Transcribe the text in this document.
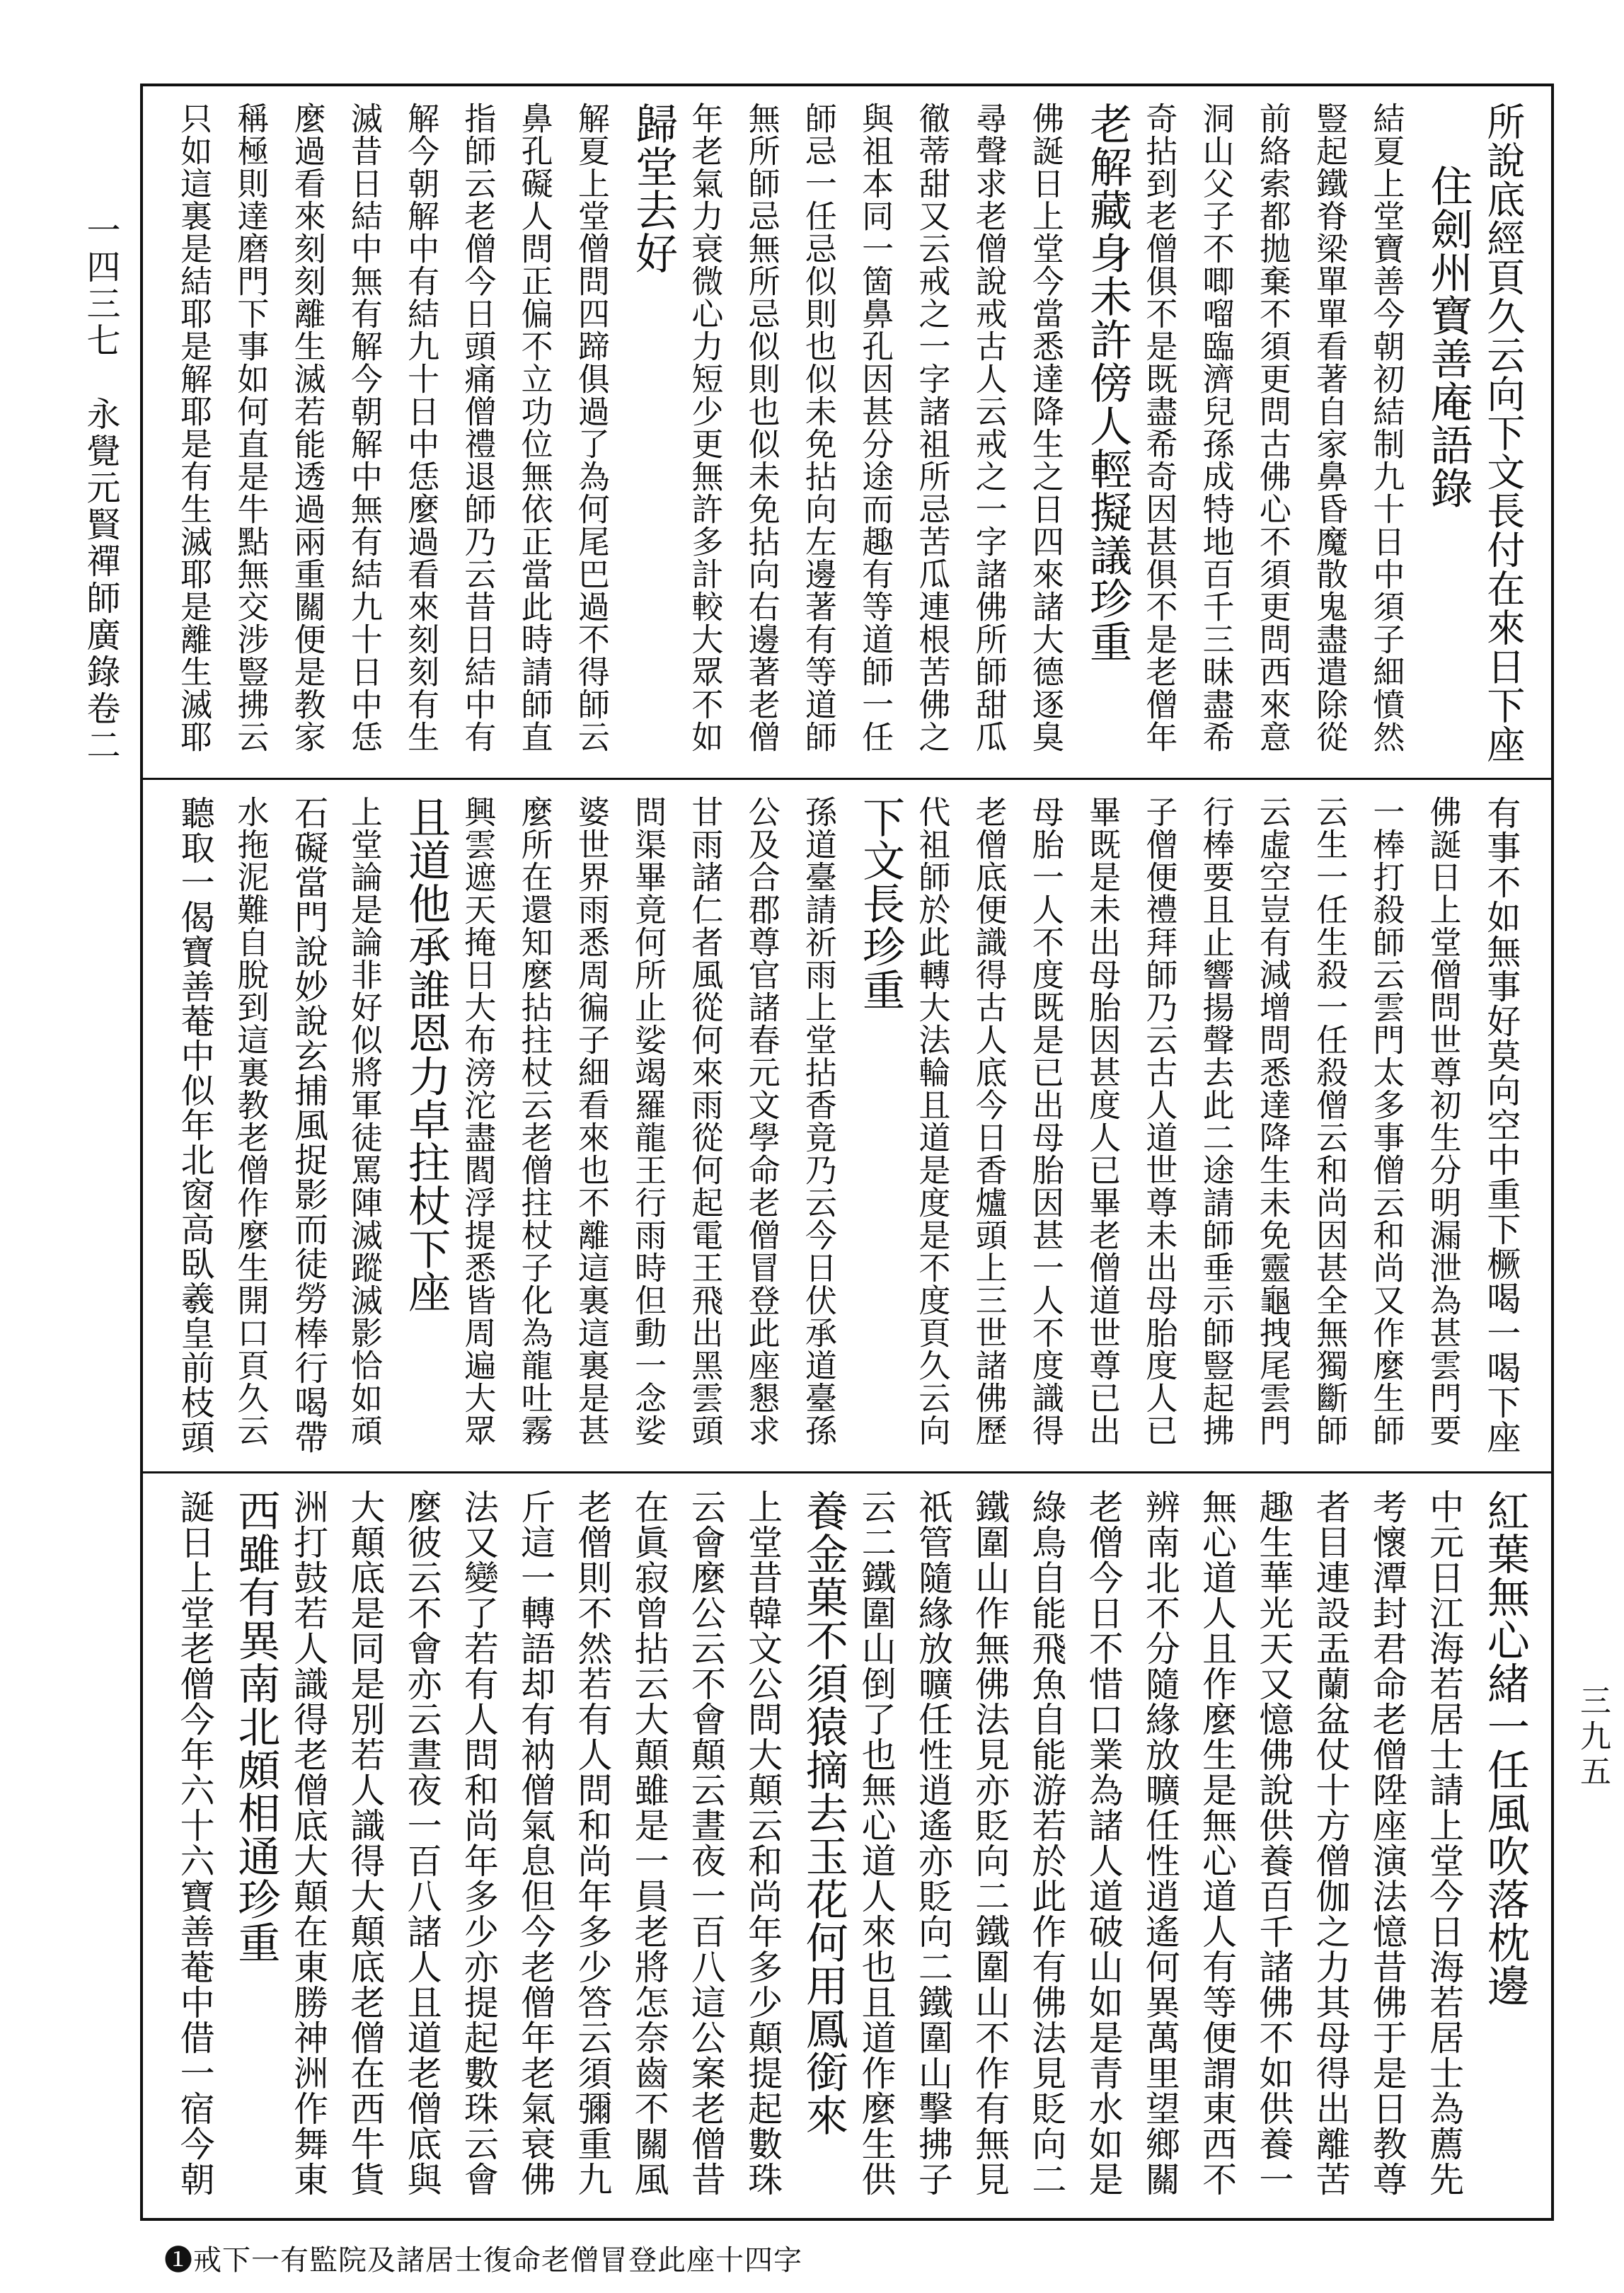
一四三七　永覺元賢禪師廣錄卷二
三九五
所說底經頁久云向下文長付在來日下座
住劍州寶善庵語錄
結夏上堂寶善今朝初結制九十日中須子細憤然
豎起鐵脊梁單單看著自家鼻昏魔散鬼盡遣除從
前絡索都拋棄不須更問古佛心不須更問西來意
洞山父子不唧𠺕臨濟兒孫成特地百千三昧盡希
奇拈到老僧俱不是既盡希奇因甚俱不是老僧年
老解藏身未許傍人輕擬議珍重
佛誕日上堂今當悉達降生之日四來諸大德逐臭
尋聲求老僧說戒古人云戒之一字諸佛所師甜瓜
徹蒂甜又云戒之一字諸祖所忌苦瓜連根苦佛之
與祖本同一箇鼻孔因甚分途而趣有等道師一任
師忌一任忌似則也似未免拈向左邊著有等道師
無所師忌無所忌似則也似未免拈向右邊著老僧
年老氣力衰微心力短少更無許多計較大眾不如
歸堂去好
解夏上堂僧問四蹄俱過了為何尾巴過不得師云
鼻孔礙人問正偏不立功位無依正當此時請師直
指師云老僧今日頭痛僧禮退師乃云昔日結中有
解今朝解中有結九十日中恁麼過看來刻刻有生
滅昔日結中無有解今朝解中無有結九十日中恁
麼過看來刻刻離生滅若能透過兩重關便是教家
稱極則達磨門下事如何直是牛點無交涉豎拂云
只如這裏是結耶是解耶是有生滅耶是離生滅耶
有事不如無事好莫向空中重下橛喝一喝下座
佛誕日上堂僧問世尊初生分明漏泄為甚雲門要
一棒打殺師云雲門太多事僧云和尚又作麼生師
云生一任生殺一任殺僧云和尚因甚全無獨斷師
云虛空豈有減增問悉達降生未免靈龜拽尾雲門
行棒要且止響揚聲去此二途請師垂示師豎起拂
子僧便禮拜師乃云古人道世尊未出母胎度人已
畢既是未出母胎因甚度人已畢老僧道世尊已出
母胎一人不度既是已出母胎因甚一人不度識得
老僧底便識得古人底今日香爐頭上三世諸佛歷
代祖師於此轉大法輪且道是度是不度頁久云向
下文長珍重
孫道臺請祈雨上堂拈香竟乃云今日伏承道臺孫
公及合郡尊官諸春元文學命老僧冒登此座懇求
甘雨諸仁者風從何來雨從何起電王飛出黑雲頭
問渠畢竟何所止娑竭羅龍王行雨時但動一念娑
婆世界雨悉周徧子細看來也不離這裏這裏是甚
麼所在還知麼拈拄杖云老僧拄杖子化為龍吐霧
興雲遮天掩日大布滂沱盡閻浮提悉皆周遍大眾
且道他承誰恩力卓拄杖下座
上堂論是論非好似將軍徒罵陣滅蹤滅影恰如頑
石礙當門說妙說玄捕風捉影而徒勞棒行喝帶
水拖泥難自脫到這裏教老僧作麼生開口頁久云
聽取一偈寶善菴中似年北窗高臥羲皇前枝頭
紅葉無心緒一任風吹落枕邊
中元日江海若居士請上堂今日海若居士為薦先
考懷潭封君命老僧陞座演法憶昔佛于是日教尊
者目連設盂蘭盆仗十方僧伽之力其母得出離苦
趣生華光天又憶佛說供養百千諸佛不如供養一
無心道人且作麼生是無心道人有等便謂東西不
辨南北不分隨緣放曠任性逍遙何異萬里望鄉關
老僧今日不惜口業為諸人道破山如是青水如是
綠鳥自能飛魚自能游若於此作有佛法見貶向二
鐵圍山作無佛法見亦貶向二鐵圍山不作有無見
祇管隨緣放曠任性逍遙亦貶向二鐵圍山擊拂子
云二鐵圍山倒了也無心道人來也且道作麼生供
養金菓不須猿摘去玉花何用鳳銜來
上堂昔韓文公問大顛云和尚年多少顛提起數珠
云會麼公云不會顛云晝夜一百八這公案老僧昔
在眞寂曾拈云大顛雖是一員老將怎奈齒不關風
老僧則不然若有人問和尚年多少答云須彌重九
斤這一轉語却有衲僧氣息但今老僧年老氣衰佛
法又變了若有人問和尚年多少亦提起數珠云會
麼彼云不會亦云晝夜一百八諸人且道老僧底與
大顛底是同是別若人識得大顛底老僧在西牛貨
洲打鼓若人識得老僧底大顛在東勝神洲作舞東
西雖有異南北頗相通珍重
誕日上堂老僧今年六十六寶善菴中借一宿今朝
❶戒下一有監院及諸居士復命老僧冒登此座十四字
